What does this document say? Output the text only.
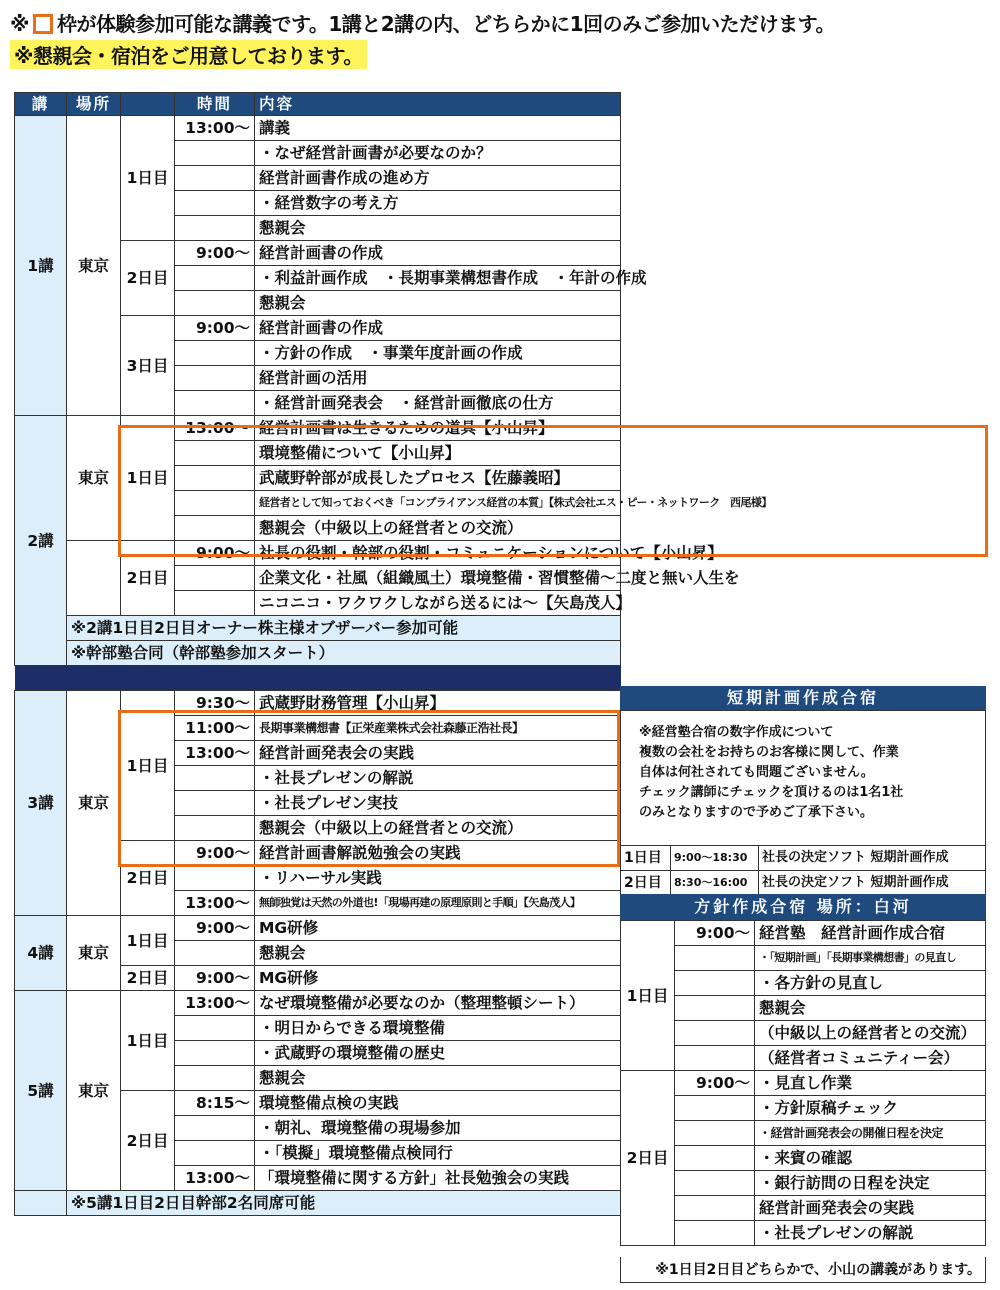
※ 枠が体験参加可能な講義です。1講と2講の内、どちらかに1回のみご参加いただけます。
※懇親会・宿泊をご用意しております。
講	場所		時間	内容
1講	東京	1日目	13:00〜	講義
				・なぜ経営計画書が必要なのか？
				経営計画書作成の進め方
				・経営数字の考え方
				懇親会
		2日目	9:00〜	経営計画書の作成
				・利益計画作成　・長期事業構想書作成　・年計の作成
				懇親会
		3日目	9:00〜	経営計画書の作成
				・方針の作成　・事業年度計画の作成
				経営計画の活用
				・経営計画発表会　・経営計画徹底の仕方
2講	東京	1日目	13:00〜	経営計画書は生きるための道具【小山昇】
				環境整備について【小山昇】
				武蔵野幹部が成長したプロセス【佐藤義昭】

				経営者として知っておくべき「コンプライアンス経営の本質」【株式会社エス・ピー・ネットワーク　西尾様】

				懇親会（中級以上の経営者との交流）
		2日目	9:00〜	社長の役割・幹部の役割・コミュニケーションについて【小山昇】
				企業文化・社風（組織風土）環境整備・習慣整備〜二度と無い人生を
				ニコニコ・ワクワクしながら送るには〜【矢島茂人】
	※2講1日目2日目オーナー株主様オブザーバー参加可能			
	※幹部塾合同（幹部塾参加スタート）			

3講	東京	1日目	9:30〜	武蔵野財務管理【小山昇】
			11:00〜	長期事業構想書【正栄産業株式会社森藤正浩社長】
			13:00〜	経営計画発表会の実践
				・社長プレゼンの解説
				・社長プレゼン実技
				懇親会（中級以上の経営者との交流）
		2日目	9:00〜	経営計画書解説勉強会の実践
				・リハーサル実践
			13:00〜	無師独覚は天然の外道也!「現場再建の原理原則と手順」【矢島茂人】
4講	東京	1日目	9:00〜	MG研修
				懇親会
		2日目	9:00〜	MG研修
5講	東京	1日目	13:00〜	なぜ環境整備が必要なのか（整理整頓シート）
				・明日からできる環境整備
				・武蔵野の環境整備の歴史
				懇親会
		2日目	8:15〜	環境整備点検の実践
				・朝礼、環境整備の現場参加
				・「模擬」環境整備点検同行
			13:00〜	「環境整備に関する方針」社長勉強会の実践
	※5講1日目2日目幹部2名同席可能			
短期計画作成合宿
※経営塾合宿の数字作成について
複数の会社をお持ちのお客様に関して、作業
自体は何社されても問題ございません。
チェック講師にチェックを頂けるのは1名1社
のみとなりますので予めご了承下さい。
1日目	9:00〜18:30	社長の決定ソフト 短期計画作成
2日目	8:30〜16:00	社長の決定ソフト 短期計画作成
方針作成合宿 場所：白河
1日目	9:00〜	経営塾　経営計画作成合宿
		・「短期計画」「長期事業構想書」の見直し
		・各方針の見直し
		懇親会
		（中級以上の経営者との交流）
		（経営者コミュニティー会）
2日目	9:00〜	・見直し作業
		・方針原稿チェック
		・経営計画発表会の開催日程を決定
		・来賓の確認
		・銀行訪問の日程を決定
		経営計画発表会の実践
		・社長プレゼンの解説
※1日目2日目どちらかで、小山の講義があります。
